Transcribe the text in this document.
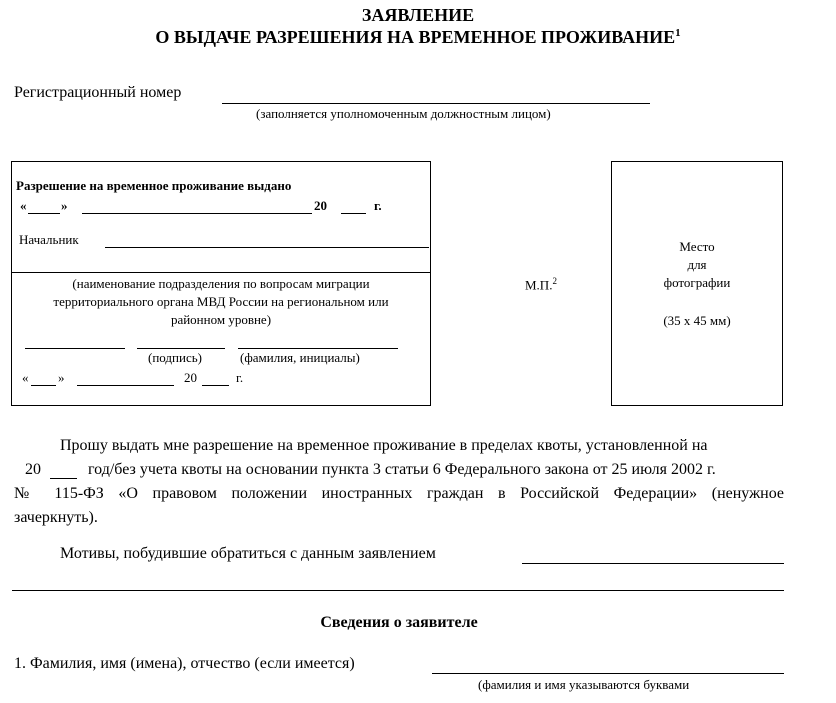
ЗАЯВЛЕНИЕ
О ВЫДАЧЕ РАЗРЕШЕНИЯ НА ВРЕМЕННОЕ ПРОЖИВАНИЕ$^1$
Регистрационный номер
(заполняется уполномоченным должностным лицом)
Разрешение на временное проживание выдано
«	»	20	г.
Начальник
(наименование подразделения по вопросам миграции
территориального органа МВД России на региональном или
районном уровне)
(подпись)	(фамилия, инициалы)
« »	20	г.
М.П.$^2$
Место
для
фотографии
(35 x 45 мм)
Прошу выдать мне разрешение на временное проживание в пределах квоты, установленной на
20	год/без учета квоты на основании пункта 3 статьи 6 Федерального закона от 25 июля 2002 г.
№ 115-ФЗ «О правовом положении иностранных граждан в Российской Федерации» (ненужное
зачеркнуть).
Мотивы, побудившие обратиться с данным заявлением
Сведения о заявителе
1. Фамилия, имя (имена), отчество (если имеется)
(фамилия и имя указываются буквами
